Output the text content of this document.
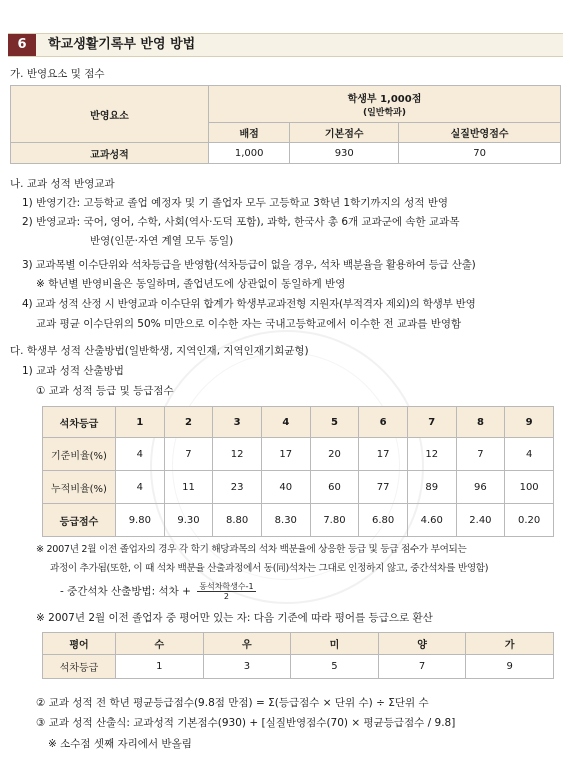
6	학교생활기록부 반영 방법
가. 반영요소 및 점수
반영요소	학생부 1,000점
(일반학과)		

	배점	기본점수	실질반영점수
교과성적	1,000	930	70
나. 교과 성적 반영교과
1) 반영기간: 고등학교 졸업 예정자 및 기 졸업자 모두 고등학교 3학년 1학기까지의 성적 반영
2) 반영교과: 국어, 영어, 수학, 사회(역사·도덕 포함), 과학, 한국사 총 6개 교과군에 속한 교과목
반영(인문·자연 계열 모두 동일)
3) 교과목별 이수단위와 석차등급을 반영함(석차등급이 없을 경우, 석차 백분율을 활용하여 등급 산출)
※ 학년별 반영비율은 동일하며, 졸업년도에 상관없이 동일하게 반영
4) 교과 성적 산정 시 반영교과 이수단위 합계가 학생부교과전형 지원자(부적격자 제외)의 학생부 반영
교과 평균 이수단위의 50% 미만으로 이수한 자는 국내고등학교에서 이수한 전 교과를 반영함
다. 학생부 성적 산출방법(일반학생, 지역인재, 지역인재기회균형)
1) 교과 성적 산출방법
① 교과 성적 등급 및 등급점수
석차등급	1	2	3	4	5	6	7	8	9
기준비율(%)	4	7	12	17	20	17	12	7	4
누적비율(%)	4	11	23	40	60	77	89	96	100
등급점수	9.80	9.30	8.80	8.30	7.80	6.80	4.60	2.40	0.20
※ 2007년 2월 이전 졸업자의 경우 각 학기 해당과목의 석차 백분율에 상응한 등급 및 등급 점수가 부여되는
과정이 추가됨(또한, 이 때 석차 백분율 산출과정에서 동(同)석차는 그대로 인정하지 않고, 중간석차를 반영함)
- 중간석차 산출방법: 석차 + $\frac{\text{동석차학생수-1}}{2}$
※ 2007년 2월 이전 졸업자 중 평어만 있는 자: 다음 기준에 따라 평어를 등급으로 환산
평어	수	우	미	양	가
석차등급	1	3	5	7	9
② 교과 성적 전 학년 평균등급점수(9.8점 만점) = Σ(등급점수 × 단위 수) ÷ Σ단위 수
③ 교과 성적 산출식: 교과성적 기본점수(930) + [실질반영점수(70) × 평균등급점수 / 9.8]
※ 소수점 셋째 자리에서 반올림
